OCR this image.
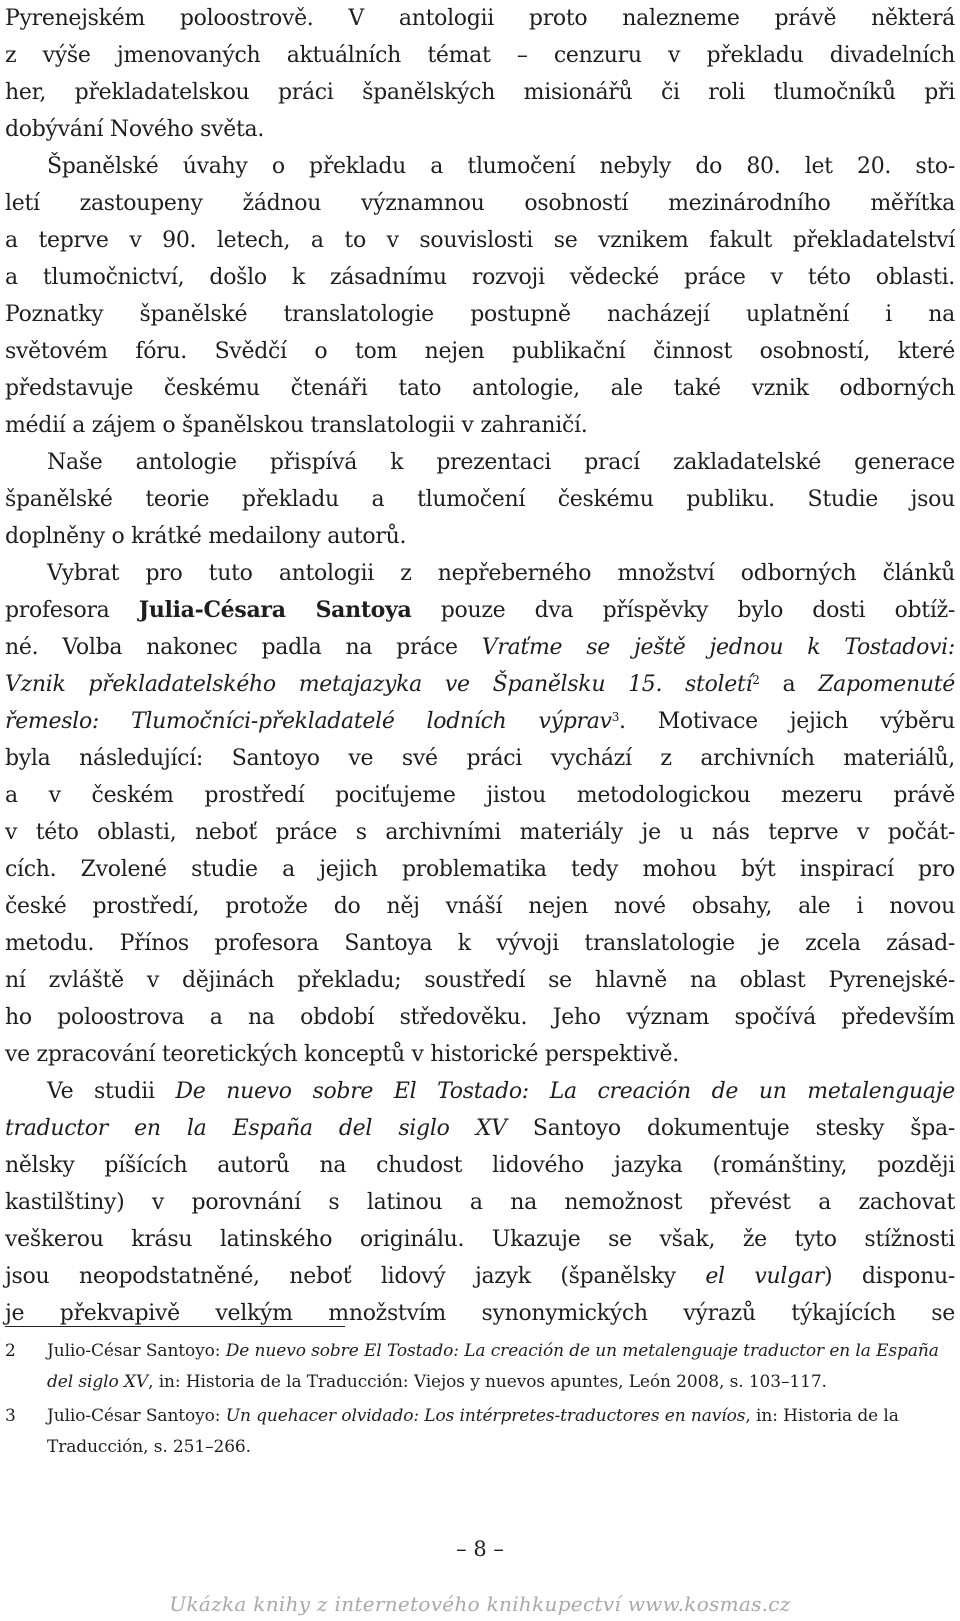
Pyrenejském poloostrově. V antologii proto nalezneme právě některá
z výše jmenovaných aktuálních témat – cenzuru v překladu divadelních
her, překladatelskou práci španělských misionářů či roli tlumočníků při
dobývání Nového světa.
Španělské úvahy o překladu a tlumočení nebyly do 80. let 20. sto-
letí zastoupeny žádnou významnou osobností mezinárodního měřítka
a teprve v 90. letech, a to v souvislosti se vznikem fakult překladatelství
a tlumočnictví, došlo k zásadnímu rozvoji vědecké práce v této oblasti.
Poznatky španělské translatologie postupně nacházejí uplatnění i na
světovém fóru. Svědčí o tom nejen publikační činnost osobností, které
představuje českému čtenáři tato antologie, ale také vznik odborných
médií a zájem o španělskou translatologii v zahraničí.
Naše antologie přispívá k prezentaci prací zakladatelské generace
španělské teorie překladu a tlumočení českému publiku. Studie jsou
doplněny o krátké medailony autorů.
Vybrat pro tuto antologii z nepřeberného množství odborných článků
profesora Julia-Césara Santoya pouze dva příspěvky bylo dosti obtíž-
né. Volba nakonec padla na práce Vraťme se ještě jednou k Tostadovi:
Vznik překladatelského metajazyka ve Španělsku 15. století$^2$ a Zapomenuté
řemeslo: Tlumočníci-překladatelé lodních výprav$^3$. Motivace jejich výběru
byla následující: Santoyo ve své práci vychází z archivních materiálů,
a v českém prostředí pociťujeme jistou metodologickou mezeru právě
v této oblasti, neboť práce s archivními materiály je u nás teprve v počát-
cích. Zvolené studie a jejich problematika tedy mohou být inspirací pro
české prostředí, protože do něj vnáší nejen nové obsahy, ale i novou
metodu. Přínos profesora Santoya k vývoji translatologie je zcela zásad-
ní zvláště v dějinách překladu; soustředí se hlavně na oblast Pyrenejské-
ho poloostrova a na období středověku. Jeho význam spočívá především
ve zpracování teoretických konceptů v historické perspektivě.
Ve studii De nuevo sobre El Tostado: La creación de un metalenguaje
traductor en la España del siglo XV Santoyo dokumentuje stesky špa-
nělsky píšících autorů na chudost lidového jazyka (románštiny, později
kastilštiny) v porovnání s latinou a na nemožnost převést a zachovat
veškerou krásu latinského originálu. Ukazuje se však, že tyto stížnosti
jsou neopodstatněné, neboť lidový jazyk (španělsky el vulgar) disponu-
je překvapivě velkým množstvím synonymických výrazů týkajících se
2 Julio-César Santoyo: De nuevo sobre El Tostado: La creación de un metalenguaje traductor en la España del siglo XV, in: Historia de la Traducción: Viejos y nuevos apuntes, León 2008, s. 103–117.
3 Julio-César Santoyo: Un quehacer olvidado: Los intérpretes-traductores en navíos, in: Historia de la Traducción, s. 251–266.
– 8 –
Ukázka knihy z internetového knihkupectví www.kosmas.cz
